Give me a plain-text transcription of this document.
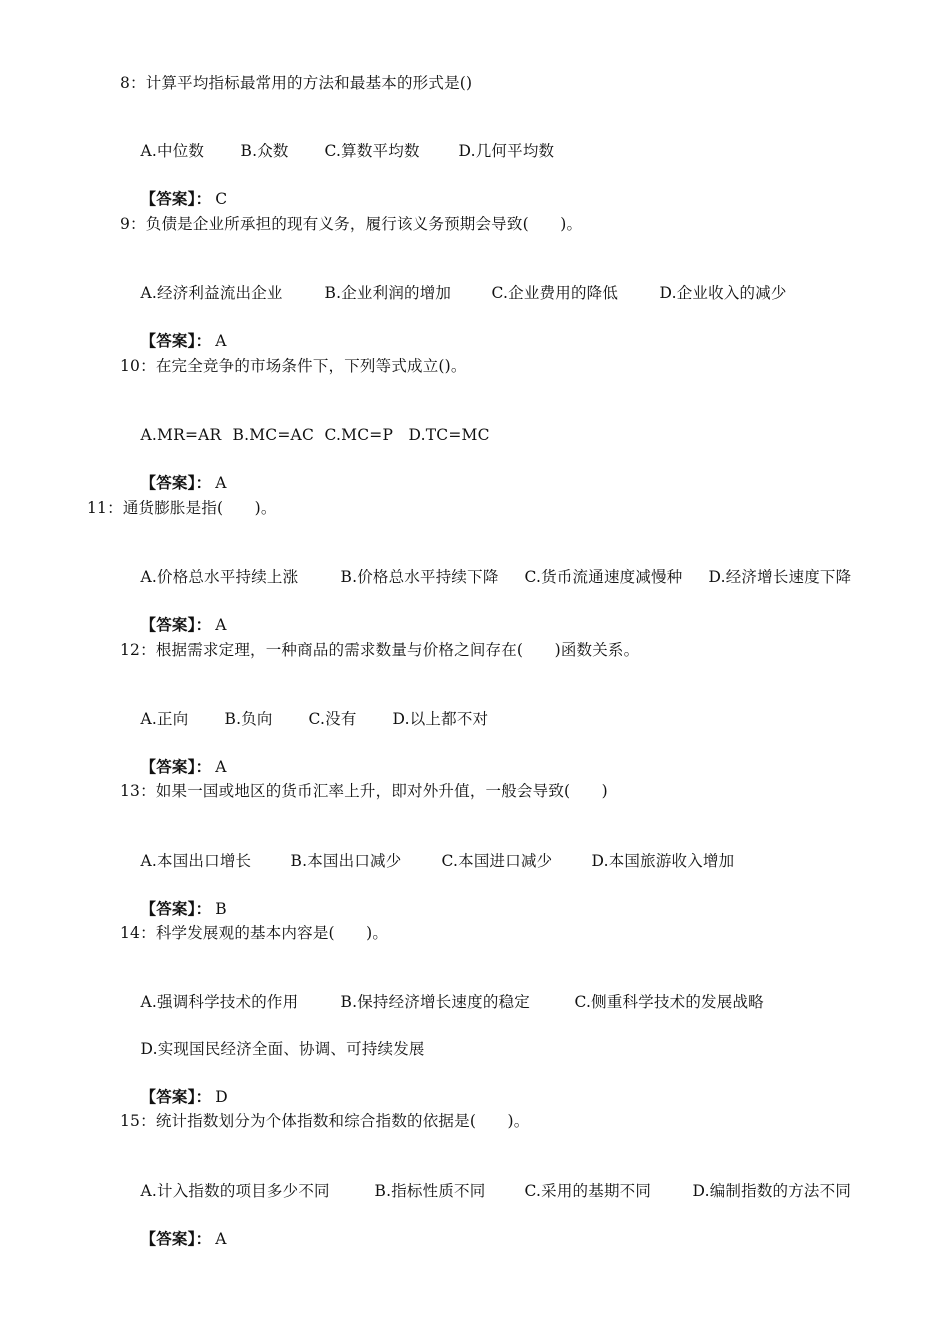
8：计算平均指标最常用的方法和最基本的形式是()

A.中位数 B.众数 C.算数平均数	D.几何平均数

【答案】： C

9：负债是企业所承担的现有义务，履行该义务预期会导致(　　)。

A.经济利益流出企业	B.企业利润的增加	C.企业费用的降低	D.企业收入的减少

【答案】： A

10：在完全竞争的市场条件下，下列等式成立()。

A.MR=AR B.MC=AC C.MC=P D.TC=MC

【答案】： A

11：通货膨胀是指(　　)。

A.价格总水平持续上涨	B.价格总水平持续下降 C.货币流通速度减慢种 D.经济增长速度下降

【答案】： A

12：根据需求定理，一种商品的需求数量与价格之间存在(　　)函数关系。

A.正向 B.负向 C.没有 D.以上都不对

【答案】： A

13：如果一国或地区的货币汇率上升，即对外升值，一般会导致(　　)

A.本国出口增长	B.本国出口减少	C.本国进口减少	D.本国旅游收入增加

【答案】： B

14：科学发展观的基本内容是(　　)。

A.强调科学技术的作用	B.保持经济增长速度的稳定	C.侧重科学技术的发展战略

D.实现国民经济全面、协调、可持续发展

【答案】： D

15：统计指数划分为个体指数和综合指数的依据是(　　)。

A.计入指数的项目多少不同	B.指标性质不同	C.采用的基期不同	D.编制指数的方法不同

【答案】： A
